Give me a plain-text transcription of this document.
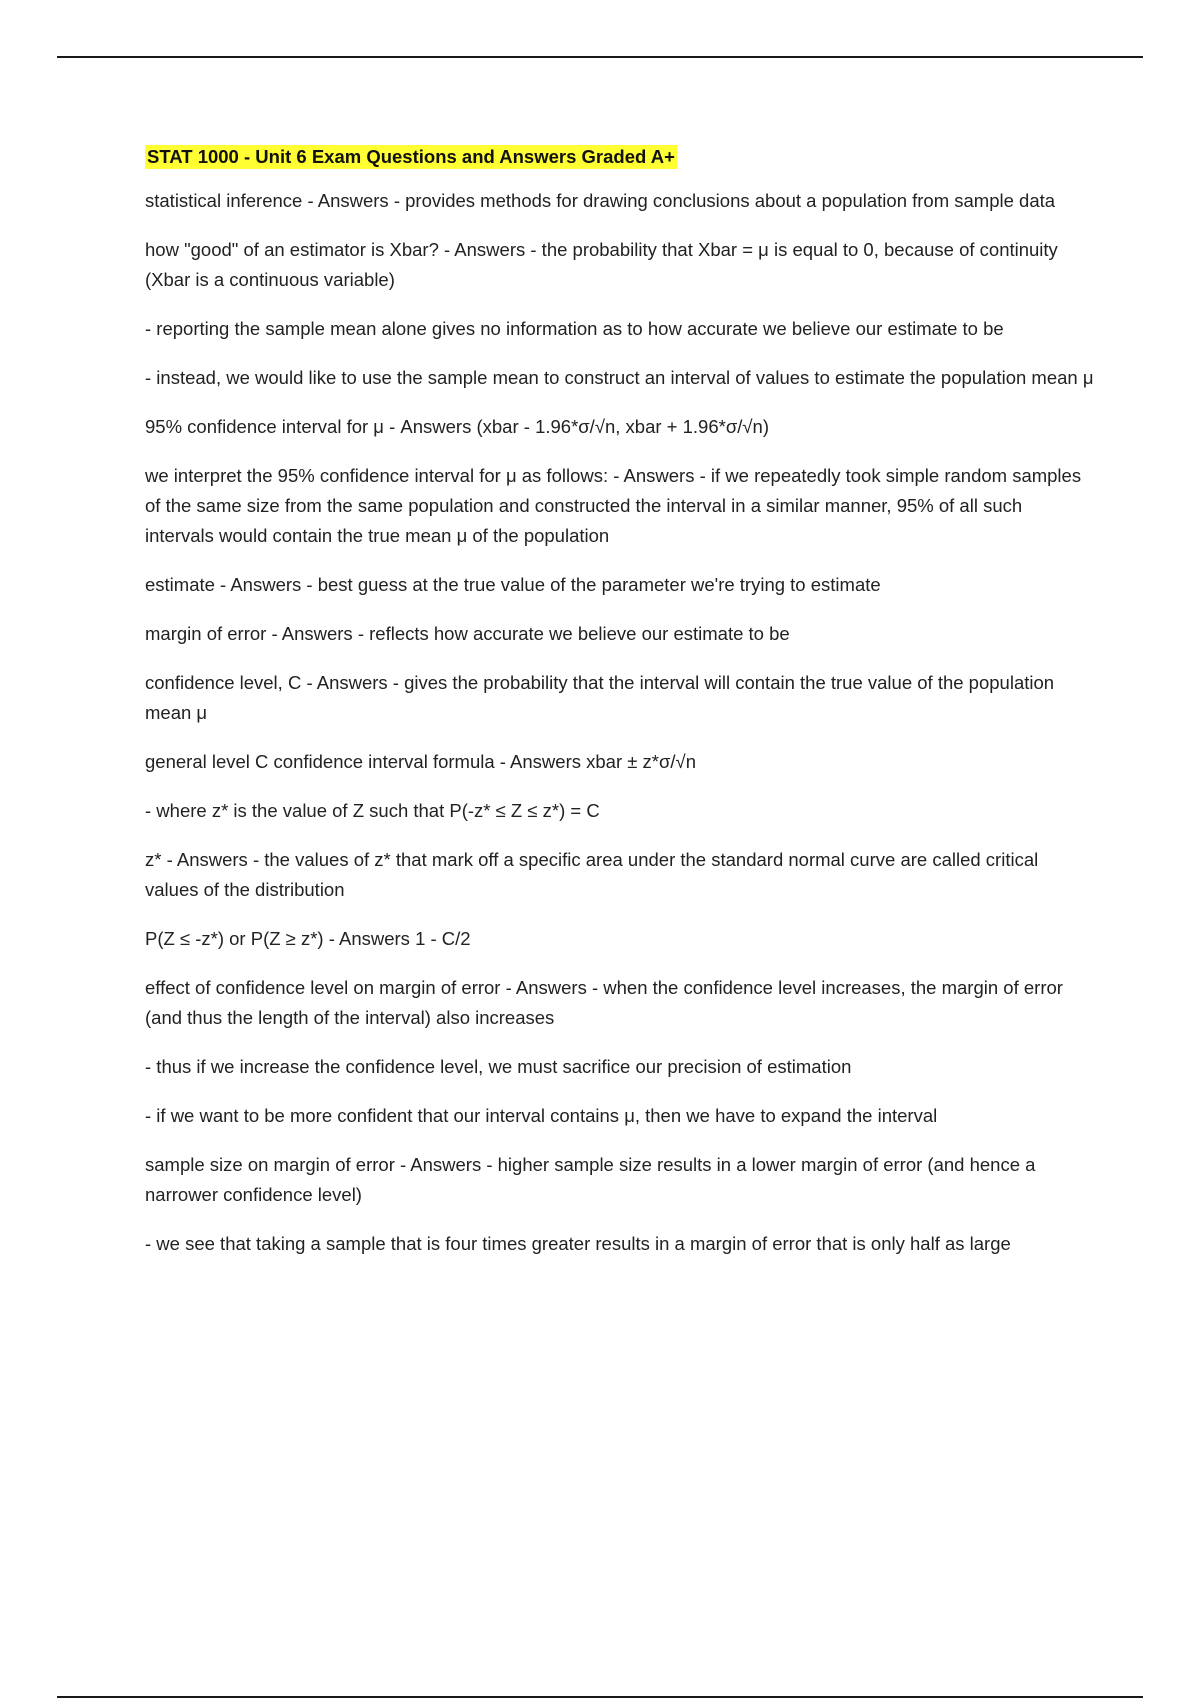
STAT 1000 - Unit 6 Exam Questions and Answers Graded A+

statistical inference - Answers - provides methods for drawing conclusions about a population from sample data

how "good" of an estimator is Xbar? - Answers - the probability that Xbar = μ is equal to 0, because of continuity (Xbar is a continuous variable)

- reporting the sample mean alone gives no information as to how accurate we believe our estimate to be

- instead, we would like to use the sample mean to construct an interval of values to estimate the population mean μ

95% confidence interval for μ - Answers (xbar - 1.96*σ/√n, xbar + 1.96*σ/√n)

we interpret the 95% confidence interval for μ as follows: - Answers - if we repeatedly took simple random samples of the same size from the same population and constructed the interval in a similar manner, 95% of all such intervals would contain the true mean μ of the population

estimate - Answers - best guess at the true value of the parameter we're trying to estimate

margin of error - Answers - reflects how accurate we believe our estimate to be

confidence level, C - Answers - gives the probability that the interval will contain the true value of the population mean μ

general level C confidence interval formula - Answers xbar ± z*σ/√n

- where z* is the value of Z such that P(-z* ≤ Z ≤ z*) = C

z* - Answers - the values of z* that mark off a specific area under the standard normal curve are called critical values of the distribution

P(Z ≤ -z*) or P(Z ≥ z*) - Answers 1 - C/2

effect of confidence level on margin of error - Answers - when the confidence level increases, the margin of error (and thus the length of the interval) also increases

- thus if we increase the confidence level, we must sacrifice our precision of estimation

- if we want to be more confident that our interval contains μ, then we have to expand the interval

sample size on margin of error - Answers - higher sample size results in a lower margin of error (and hence a narrower confidence level)

- we see that taking a sample that is four times greater results in a margin of error that is only half as large
